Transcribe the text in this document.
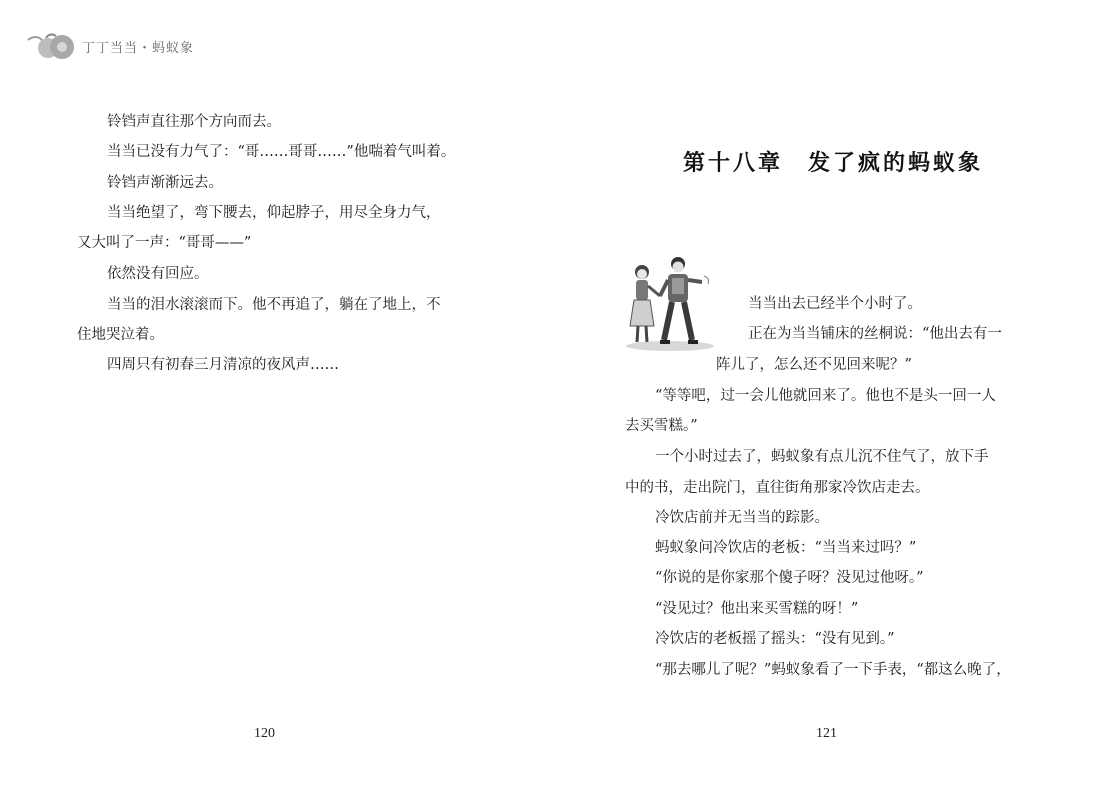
丁丁当当・蚂蚁象
铃铛声直往那个方向而去。
当当已没有力气了：“哥……哥哥……”他喘着气叫着。
铃铛声渐渐远去。
当当绝望了，弯下腰去，仰起脖子，用尽全身力气，
又大叫了一声：“哥哥——”
依然没有回应。
当当的泪水滚滚而下。他不再追了，躺在了地上，不
住地哭泣着。
四周只有初春三月清凉的夜风声……
120
第十八章　发了疯的蚂蚁象
当当出去已经半个小时了。
正在为当当铺床的丝桐说：“他出去有一
阵儿了，怎么还不见回来呢？”
“等等吧，过一会儿他就回来了。他也不是头一回一人
去买雪糕。”
一个小时过去了，蚂蚁象有点儿沉不住气了，放下手
中的书，走出院门，直往街角那家冷饮店走去。
冷饮店前并无当当的踪影。
蚂蚁象问冷饮店的老板：“当当来过吗？”
“你说的是你家那个傻子呀？没见过他呀。”
“没见过？他出来买雪糕的呀！”
冷饮店的老板摇了摇头：“没有见到。”
“那去哪儿了呢？”蚂蚁象看了一下手表，“都这么晚了，
121
